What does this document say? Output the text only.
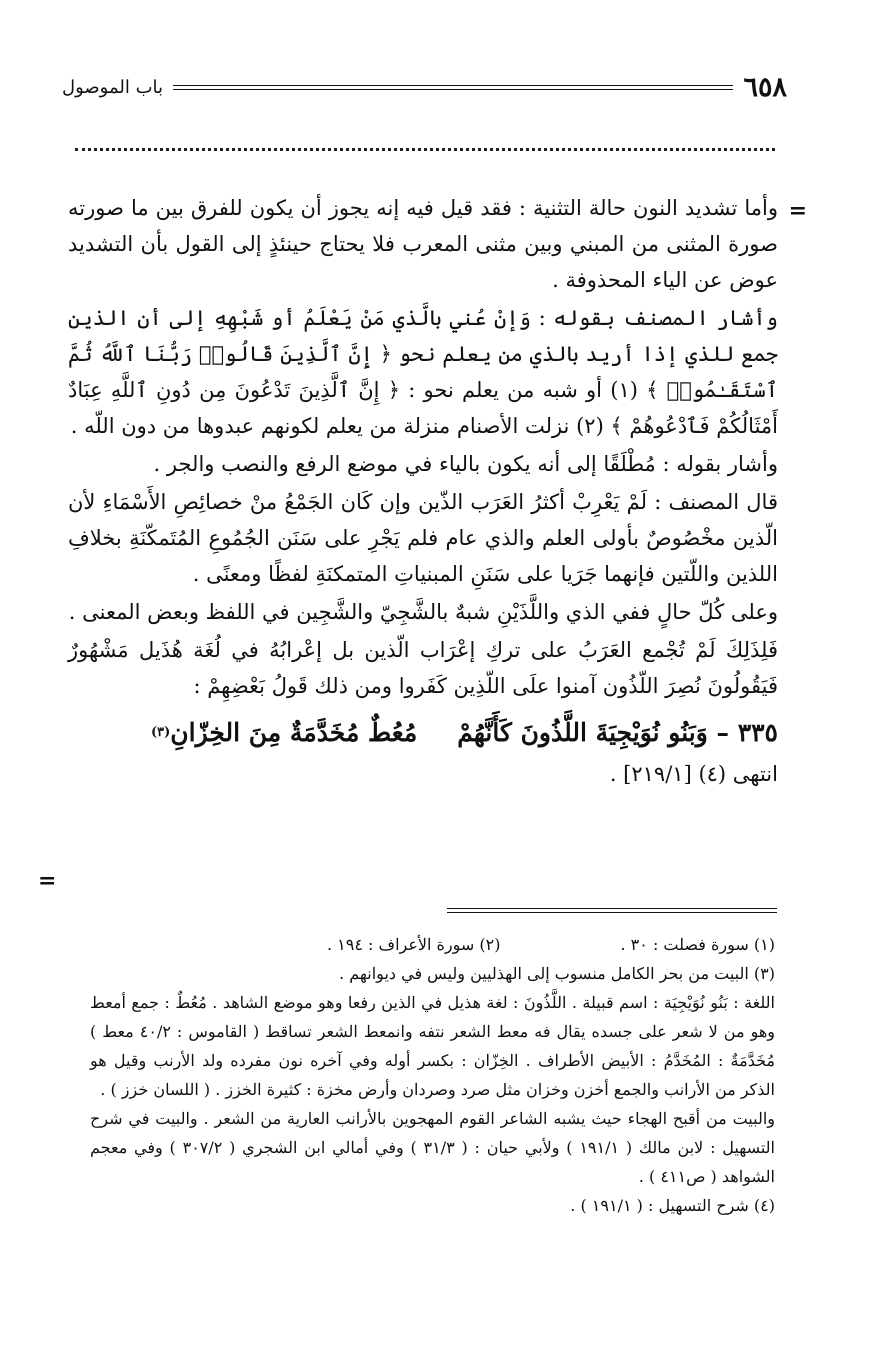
٦٥٨
باب الموصول
=

وأما تشديد النون حالة التثنية : فقد قيل فيه إنه يجوز أن يكون للفرق بين ما صورته صورة المثنى من المبني وبين مثنى المعرب فلا يحتاج حينئذٍ إلى القول بأن التشديد عوض عن الياء المحذوفة .

وأشار المصنف بقوله : وَإنْ عُني بالَّذي مَنْ يَعْلَمُ أو شَبْهِهِ إلى أن الذين جمع للذي إذا أريد بالذي من يعلم نحو ﴿ إِنَّ ٱلَّذِينَ قَالُوا۟ رَبُّنَا ٱللَّهُ ثُمَّ ٱسْتَقَـٰمُوا۟ ﴾ (١) أو شبه من يعلم نحو : ﴿ إِنَّ ٱلَّذِينَ تَدْعُونَ مِن دُونِ ٱللَّهِ عِبَادٌ أَمْثَالُكُمْ فَٱدْعُوهُمْ ﴾ (٢) نزلت الأصنام منزلة من يعلم لكونهم عبدوها من دون اللّه .

وأشار بقوله : مُطْلَقًا إلى أنه يكون بالياء في موضع الرفع والنصب والجر .

قال المصنف : لَمْ يَعْرِبْ أكثرُ العَرَب الذّين وإن كَان الجَمْعُ منْ خصائِصِ الأَسْمَاءِ لأن الّذين مخْصُوصٌ بأولى العلم والذي عام فلم يَجْرِ على سَنَن الجُمُوعِ المُتَمكّنَةِ بخلافِ اللذين واللّتين فإنهما جَرَيا على سَنَنِ المبنياتِ المتمكنَةِ لفظًا ومعنًى .

وعلى كُلّ حالٍ ففي الذي واللَّذَيْنِ شبهٌ بالشَّجِيّ والشَّجِين في اللفظ وبعض المعنى .

فَلِذَلِكَ لَمْ تُجْمع العَرَبُ على تركِ إعْرَاب الّذين بل إعْرابُهُ في لُغَة هُذَيل مَشْهُورٌ فَيَقُولُونَ نُصِرَ اللّذُون آمنوا علَى اللّذِين كَفَروا ومن ذلك قَولُ بَعْضِهِمْ :

٣٣٥ – وَبَنُو نُوَيْجِيَةَ اللَّذُونَ كَأَنَّهُمْ
مُعُطٌ مُخَدَّمَةٌ مِنَ الخِزّانِ
(٣)

انتهى (٤) [٢١٩/١] .

=
(١) سورة فصلت : ٣٠ .
(٢) سورة الأعراف : ١٩٤ .

(٣) البيت من بحر الكامل منسوب إلى الهذليين وليس في ديوانهم .

اللغة : بَنُو نُوَيْجِيَة : اسم قبيلة . اللَّذُونَ : لغة هذيل في الذين رفعا وهو موضع الشاهد . مُعُطٌ : جمع أمعط وهو من لا شعر على جسده يقال فه معط الشعر نتفه وانمعط الشعر تساقط ( القاموس : ٤٠/٢ معط ) مُخَدَّمَةٌ : المُخَدَّمُ : الأبيض الأطراف . الخِزّان : بكسر أوله وفي آخره نون مفرده ولد الأرنب وقيل هو الذكر من الأرانب والجمع أخزن وخزان مثل صرد وصردان وأرض مخزة : كثيرة الخزز . ( اللسان خزز ) .

والبيت من أقبح الهجاء حيث يشبه الشاعر القوم المهجوين بالأرانب العارية من الشعر . والبيت في شرح التسهيل : لابن مالك ( ١٩١/١ ) ولأبي حيان : ( ٣١/٣ ) وفي أمالي ابن الشجري ( ٣٠٧/٢ ) وفي معجم الشواهد ( ص٤١١ ) .

(٤) شرح التسهيل : ( ١٩١/١ ) .
